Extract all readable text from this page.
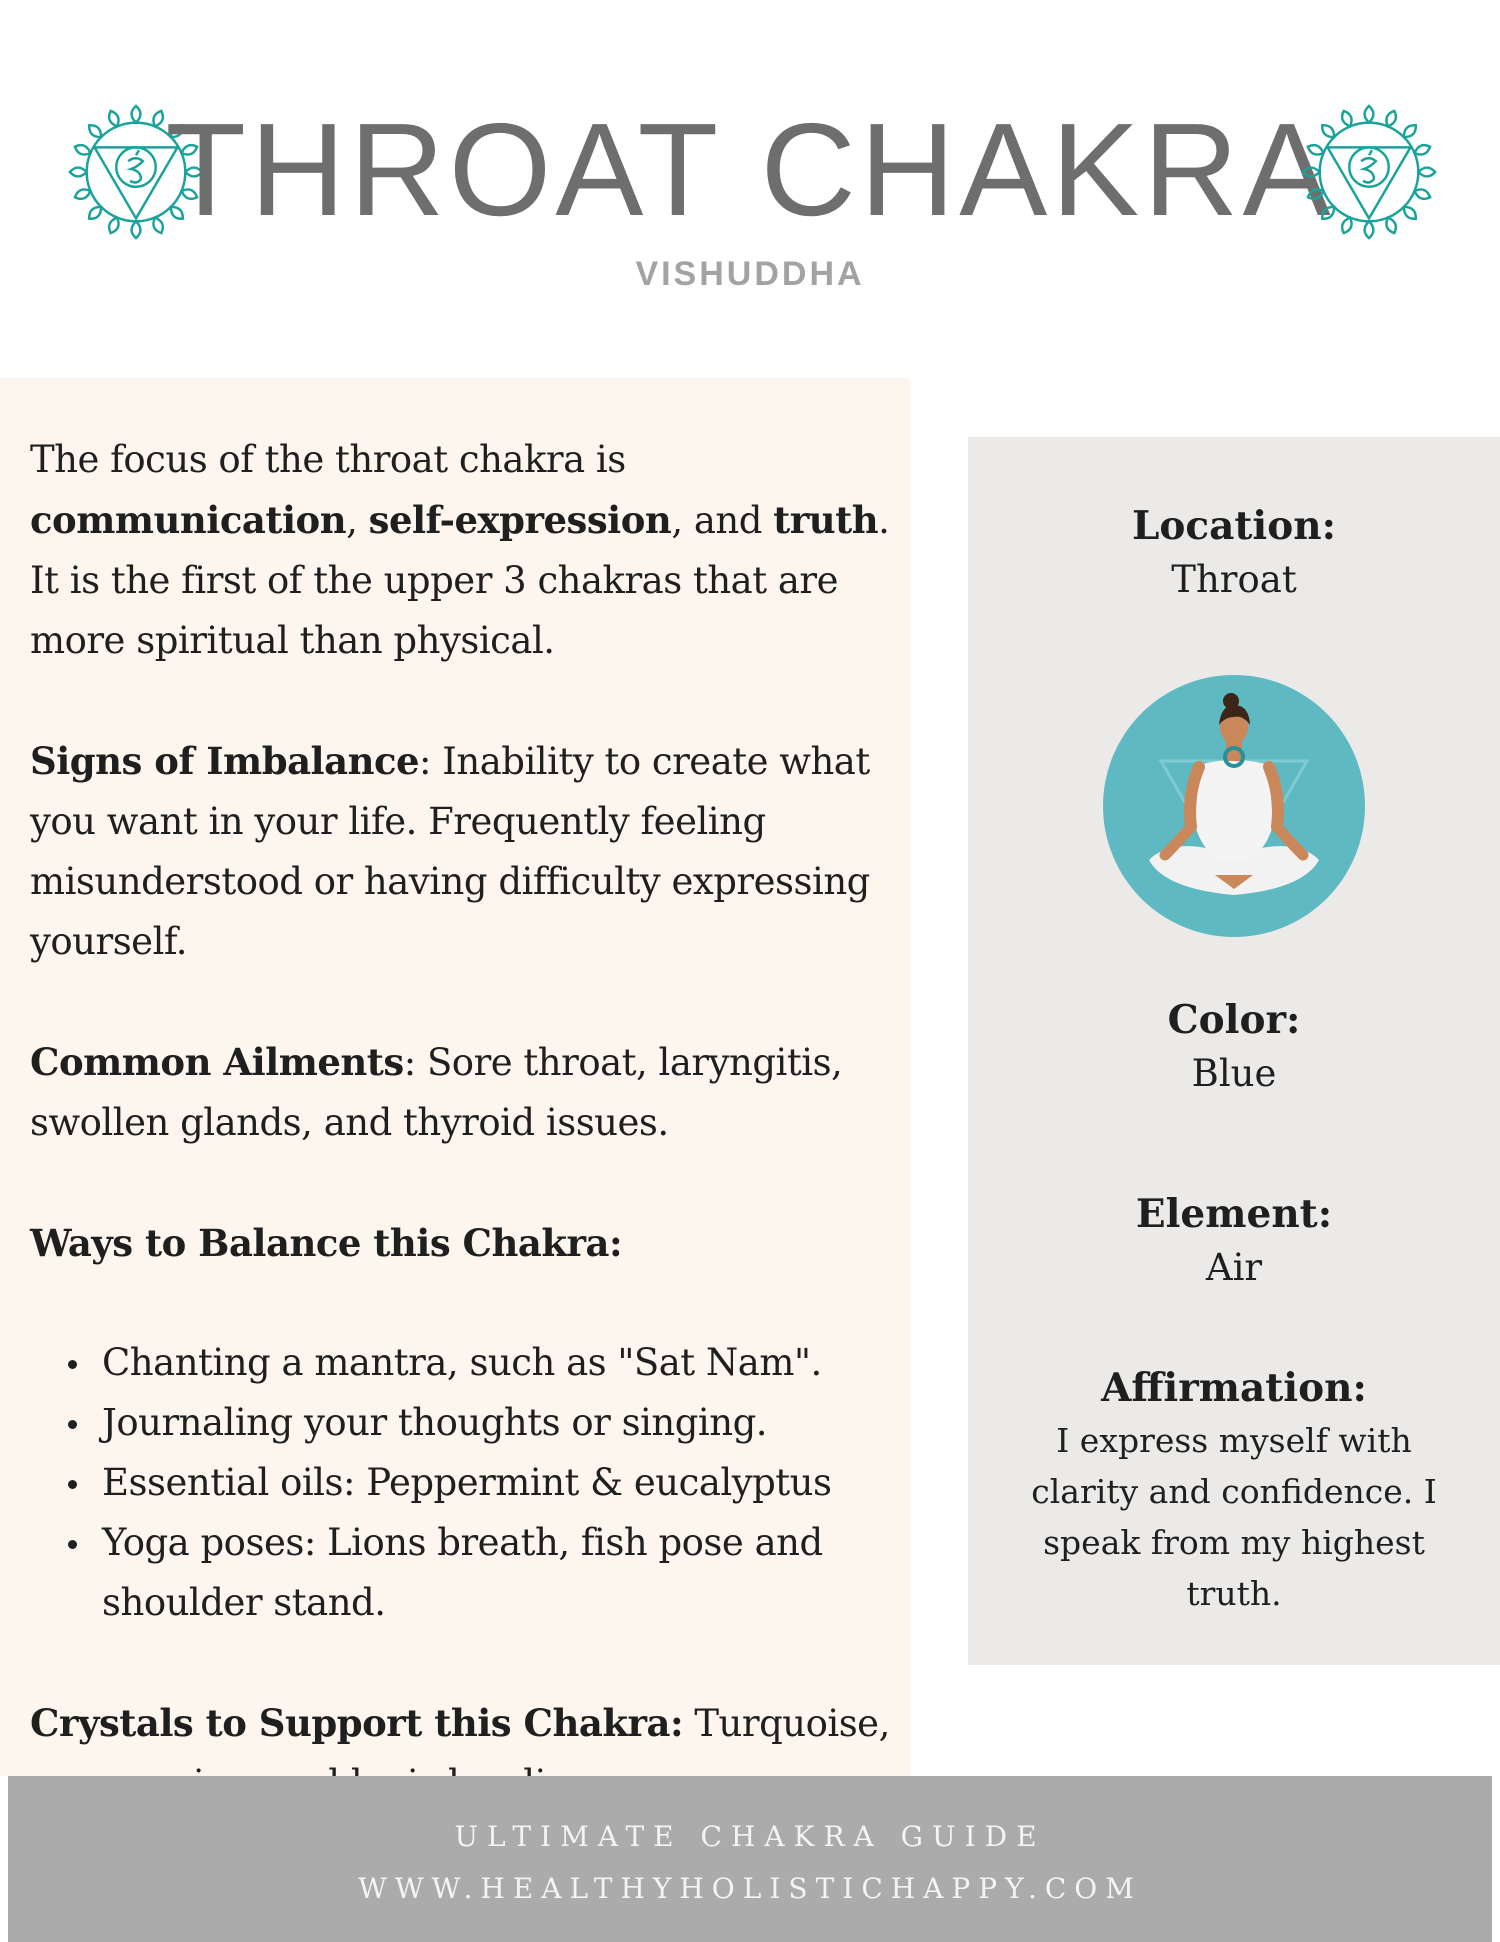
THROAT CHAKRA
VISHUDDHA

The focus of the throat chakra is communication, self-expression, and truth. It is the first of the upper 3 chakras that are more spiritual than physical.

Signs of Imbalance: Inability to create what you want in your life. Frequently feeling misunderstood or having difficulty expressing yourself.

Common Ailments: Sore throat, laryngitis, swollen glands, and thyroid issues.

Ways to Balance this Chakra:

Chanting a mantra, such as "Sat Nam".
Journaling your thoughts or singing.
Essential oils: Peppermint & eucalyptus
Yoga poses: Lions breath, fish pose and shoulder stand.

Crystals to Support this Chakra: Turquoise,

Location:
Throat
Color:
Blue
Element:
Air
Affirmation:
I express myself with clarity and confidence. I speak from my highest truth.
ULTIMATE CHAKRA GUIDE
WWW.HEALTHYHOLISTICHAPPY.COM
